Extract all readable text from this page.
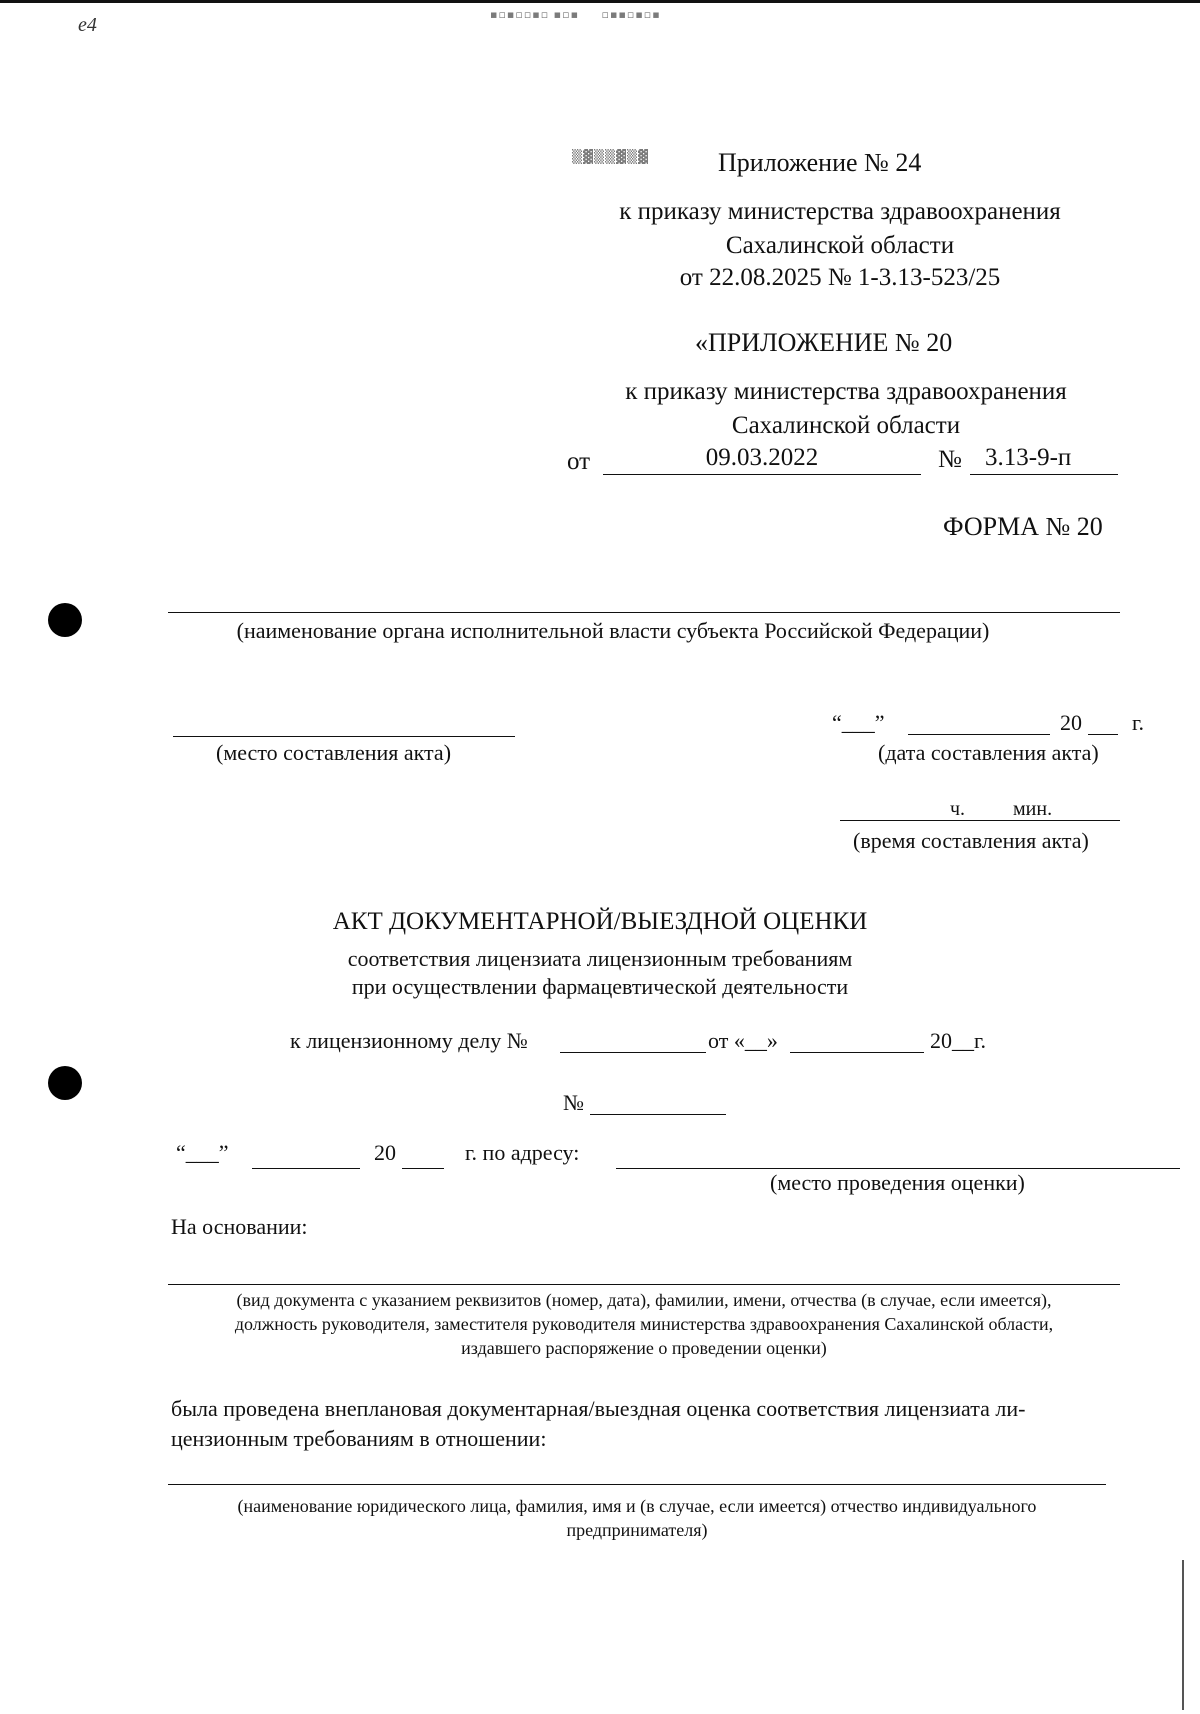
е4	▪▫▪▫▫▪▫ ▪▫▪     ▫▪▪▫▪▫▪
▒▓▒▒▓▒▓	Приложение № 24
к приказу министерства здравоохранения
Сахалинской области
от 22.08.2025 № 1-3.13-523/25
«ПРИЛОЖЕНИЕ № 20
к приказу министерства здравоохранения
Сахалинской области
от	09.03.2022	№ 3.13-9-п
ФОРМА № 20
(наименование органа исполнительной власти субъекта Российской Федерации)
(место составления акта)
“___”	20 г.
(дата составления акта)
ч. мин.
(время составления акта)
АКТ ДОКУМЕНТАРНОЙ/ВЫЕЗДНОЙ ОЦЕНКИ
соответствия лицензиата лицензионным требованиям
при осуществлении фармацевтической деятельности
к лицензионному делу №	от «__»	20__г.
№
“___”	20	г. по адресу:
(место проведения оценки)
На основании:
(вид документа с указанием реквизитов (номер, дата), фамилии, имени, отчества (в случае, если имеется),
должность руководителя, заместителя руководителя министерства здравоохранения Сахалинской области,
издавшего распоряжение о проведении оценки)
была проведена внеплановая документарная/выездная оценка соответствия лицензиата ли-
цензионным требованиям в отношении:
(наименование юридического лица, фамилия, имя и (в случае, если имеется) отчество индивидуального
предпринимателя)
